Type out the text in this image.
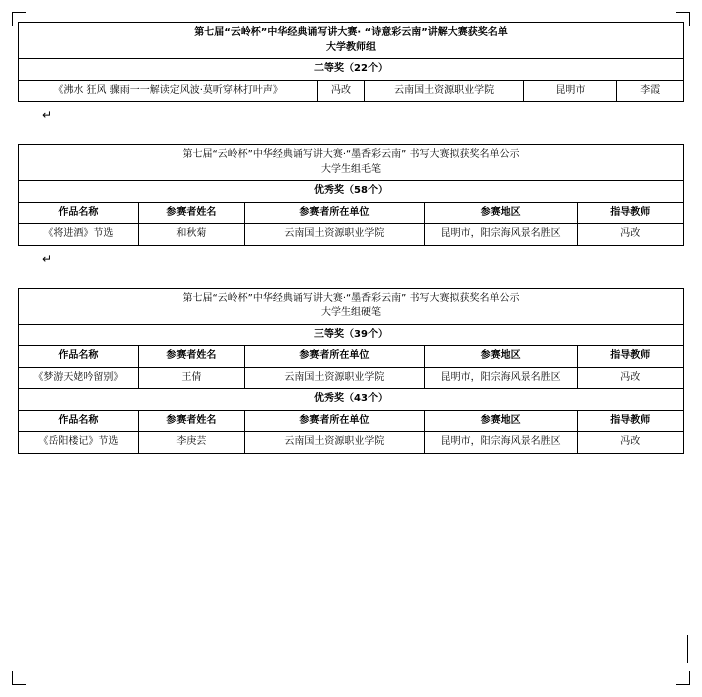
第七届“云岭杯”中华经典诵写讲大赛· “诗意彩云南”讲解大赛获奖名单
大学教师组

二等奖（22个）
《沸水 狂风 骤雨一一解读定风波·莫听穿林打叶声》	冯改	云南国土资源职业学院	昆明市	李霞
↵
第七届“云岭杯”中华经典诵写讲大赛·“墨香彩云南” 书写大赛拟获奖名单公示
大学生组毛笔				

优秀奖（58个）				
作品名称	参赛者姓名	参赛者所在单位	参赛地区	指导教师
《将进酒》节选	和秋菊	云南国土资源职业学院	昆明市，阳宗海风景名胜区	冯改
↵
第七届“云岭杯”中华经典诵写讲大赛·“墨香彩云南” 书写大赛拟获奖名单公示
大学生组硬笔				

三等奖（39个）				
作品名称	参赛者姓名	参赛者所在单位	参赛地区	指导教师
《梦游天姥吟留别》	王倩	云南国土资源职业学院	昆明市，阳宗海风景名胜区	冯改
优秀奖（43个）				
作品名称	参赛者姓名	参赛者所在单位	参赛地区	指导教师
《岳阳楼记》节选	李庚芸	云南国土资源职业学院	昆明市，阳宗海风景名胜区	冯改
